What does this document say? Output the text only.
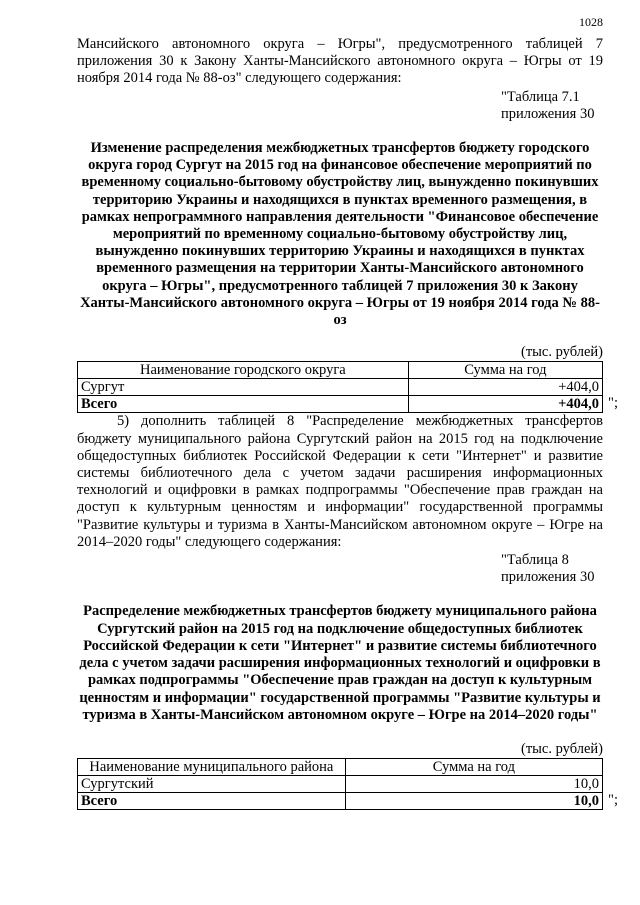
1028

Мансийского автономного округа – Югры", предусмотренного таблицей 7 приложения 30 к Закону Ханты-Мансийского автономного округа – Югры от 19 ноября 2014 года № 88-оз" следующего содержания:

"Таблица 7.1
приложения 30

Изменение распределения межбюджетных трансфертов бюджету городского округа город Сургут на 2015 год на финансовое обеспечение мероприятий по временному социально-бытовому обустройству лиц, вынужденно покинувших территорию Украины и находящихся в пунктах временного размещения, в рамках непрограммного направления деятельности "Финансовое обеспечение мероприятий по временному социально-бытовому обустройству лиц, вынужденно покинувших территорию Украины и находящихся в пунктах временного размещения на территории Ханты-Мансийского автономного округа – Югры", предусмотренного таблицей 7 приложения 30 к Закону Ханты-Мансийского автономного округа – Югры от 19 ноября 2014 года № 88-оз

(тыс. рублей)

Наименование городского округа	Сумма на год
Сургут	+404,0
Всего	+404,0 ";

5) дополнить таблицей 8 "Распределение межбюджетных трансфертов бюджету муниципального района Сургутский район на 2015 год на подключение общедоступных библиотек Российской Федерации к сети "Интернет" и развитие системы библиотечного дела с учетом задачи расширения информационных технологий и оцифровки в рамках подпрограммы "Обеспечение прав граждан на доступ к культурным ценностям и информации" государственной программы "Развитие культуры и туризма в Ханты-Мансийском автономном округе – Югре на 2014–2020 годы" следующего содержания:

"Таблица 8
приложения 30

Распределение межбюджетных трансфертов бюджету муниципального района Сургутский район на 2015 год на подключение общедоступных библиотек Российской Федерации к сети "Интернет" и развитие системы библиотечного дела с учетом задачи расширения информационных технологий и оцифровки в рамках подпрограммы "Обеспечение прав граждан на доступ к культурным ценностям и информации" государственной программы "Развитие культуры и туризма в Ханты-Мансийском автономном округе – Югре на 2014–2020 годы"

(тыс. рублей)

Наименование муниципального района	Сумма на год
Сургутский	10,0
Всего	10,0 ";
